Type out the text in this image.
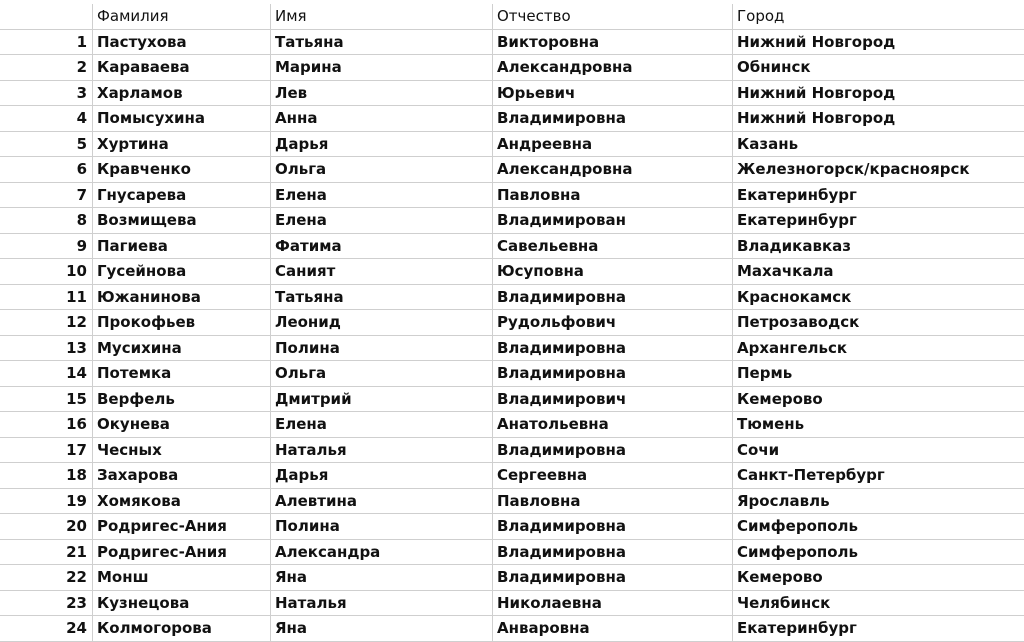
Фамилия	Имя	Отчество	Город
1 Пастухова	Татьяна	Викторовна	Нижний Новгород
2 Караваева	Марина	Александровна	Обнинск
3 Харламов	Лев	Юрьевич	Нижний Новгород
4 Помысухина	Анна	Владимировна	Нижний Новгород
5 Хуртина	Дарья	Андреевна	Казань
6 Кравченко	Ольга	Александровна	Железногорск/красноярск
7 Гнусарева	Елена	Павловна	Екатеринбург
8 Возмищева	Елена	Владимирован	Екатеринбург
9 Пагиева	Фатима	Савельевна	Владикавказ
10 Гусейнова	Саният	Юсуповна	Махачкала
11 Южанинова	Татьяна	Владимировна	Краснокамск
12 Прокофьев	Леонид	Рудольфович	Петрозаводск
13 Мусихина	Полина	Владимировна	Архангельск
14 Потемка	Ольга	Владимировна	Пермь
15 Верфель	Дмитрий	Владимирович	Кемерово
16 Окунева	Елена	Анатольевна	Тюмень
17 Чесных	Наталья	Владимировна	Сочи
18 Захарова	Дарья	Сергеевна	Санкт-Петербург
19 Хомякова	Алевтина	Павловна	Ярославль
20 Родригес-Ания	Полина	Владимировна	Симферополь
21 Родригес-Ания	Александра	Владимировна	Симферополь
22 Монш	Яна	Владимировна	Кемерово
23 Кузнецова	Наталья	Николаевна	Челябинск
24 Колмогорова	Яна	Анваровна	Екатеринбург
